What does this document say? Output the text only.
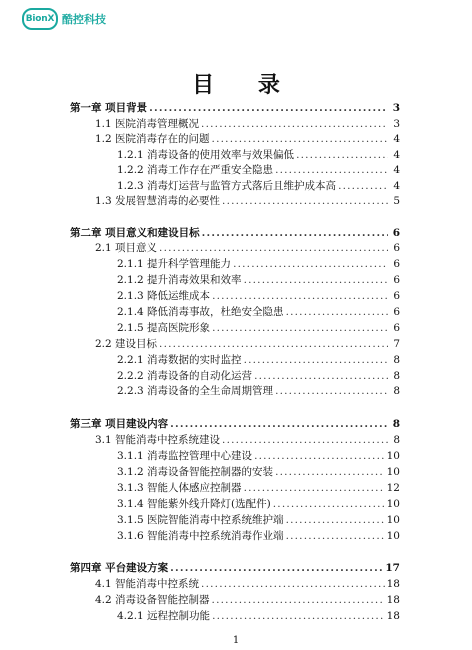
BionX 酷控科技
目 录
第一章 项目背景 .....	3
1.1 医院消毒管理概况 .....	3
1.2 医院消毒存在的问题 .....	4
1.2.1 消毒设备的使用效率与效果偏低 .....	4
1.2.2 消毒工作存在严重安全隐患 .....	4
1.2.3 消毒灯运营与监管方式落后且维护成本高 .....	4
1.3 发展智慧消毒的必要性 .....	5
第二章 项目意义和建设目标 .....	6
2.1 项目意义 .....	6
2.1.1 提升科学管理能力 .....	6
2.1.2 提升消毒效果和效率 .....	6
2.1.3 降低运维成本 .....	6
2.1.4 降低消毒事故，杜绝安全隐患 .....	6
2.1.5 提高医院形象 .....	6
2.2 建设目标 .....	7
2.2.1 消毒数据的实时监控 .....	8
2.2.2 消毒设备的自动化运营 .....	8
2.2.3 消毒设备的全生命周期管理 .....	8
第三章 项目建设内容 .....	8
3.1 智能消毒中控系统建设 .....	8
3.1.1 消毒监控管理中心建设 .....	10
3.1.2 消毒设备智能控制器的安装 .....	10
3.1.3 智能人体感应控制器 .....	12
3.1.4 智能紫外线升降灯(选配件) .....	10
3.1.5 医院智能消毒中控系统维护端 .....	10
3.1.6 智能消毒中控系统消毒作业端 .....	10
第四章 平台建设方案 .....	17
4.1 智能消毒中控系统 .....	18
4.2 消毒设备智能控制器 .....	18
4.2.1 远程控制功能 .....	18
1
